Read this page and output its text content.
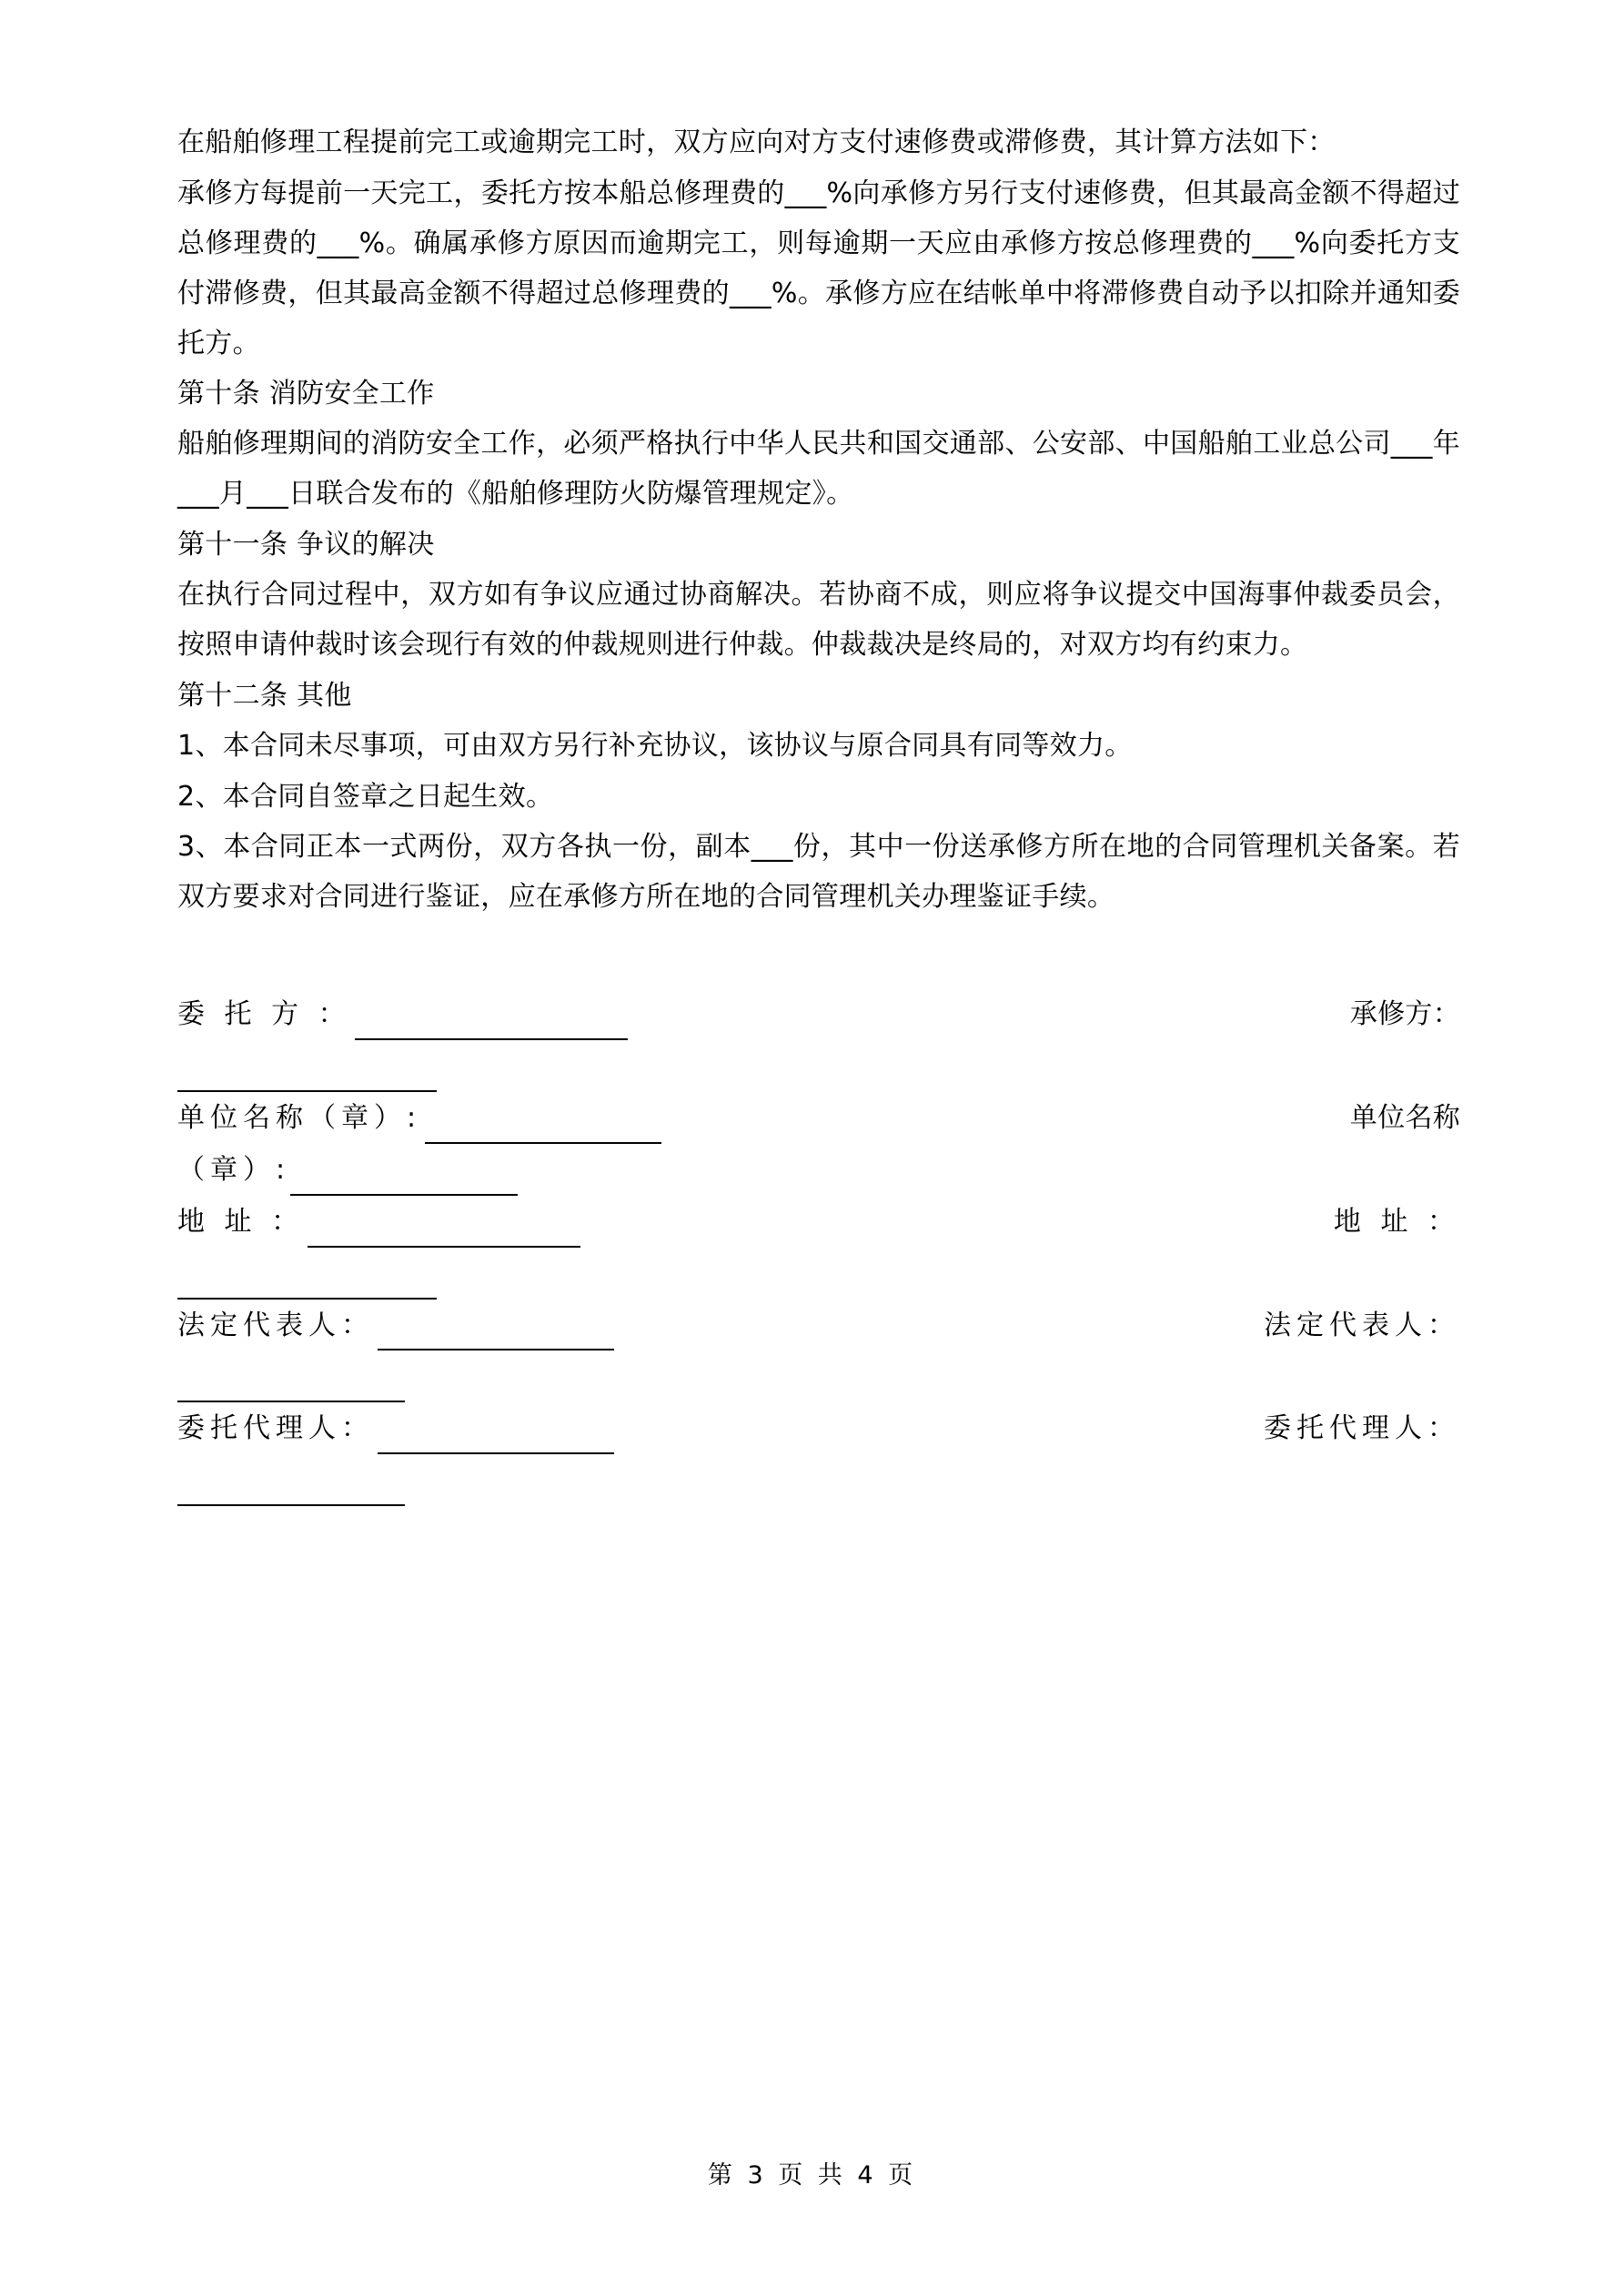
在船舶修理工程提前完工或逾期完工时，双方应向对方支付速修费或滞修费，其计算方法如下：

承修方每提前一天完工，委托方按本船总修理费的___%向承修方另行支付速修费，但其最高金额不得超过总修理费的___%。确属承修方原因而逾期完工，则每逾期一天应由承修方按总修理费的___%向委托方支付滞修费，但其最高金额不得超过总修理费的___%。承修方应在结帐单中将滞修费自动予以扣除并通知委托方。

第十条 消防安全工作

船舶修理期间的消防安全工作，必须严格执行中华人民共和国交通部、公安部、中国船舶工业总公司___年___月___日联合发布的《船舶修理防火防爆管理规定》。

第十一条 争议的解决

在执行合同过程中，双方如有争议应通过协商解决。若协商不成，则应将争议提交中国海事仲裁委员会，按照申请仲裁时该会现行有效的仲裁规则进行仲裁。仲裁裁决是终局的，对双方均有约束力。

第十二条 其他

1、本合同未尽事项，可由双方另行补充协议，该协议与原合同具有同等效力。

2、本合同自签章之日起生效。

3、本合同正本一式两份，双方各执一份，副本___份，其中一份送承修方所在地的合同管理机关备案。若双方要求对合同进行鉴证，应在承修方所在地的合同管理机关办理鉴证手续。

委 托 方 ：	承修方：
单位名称（章）:	单位名称
（章）:
地 址 ：	地 址 ：
法定代表人：	法定代表人：
委托代理人：	委托代理人：
第 3 页 共 4 页
